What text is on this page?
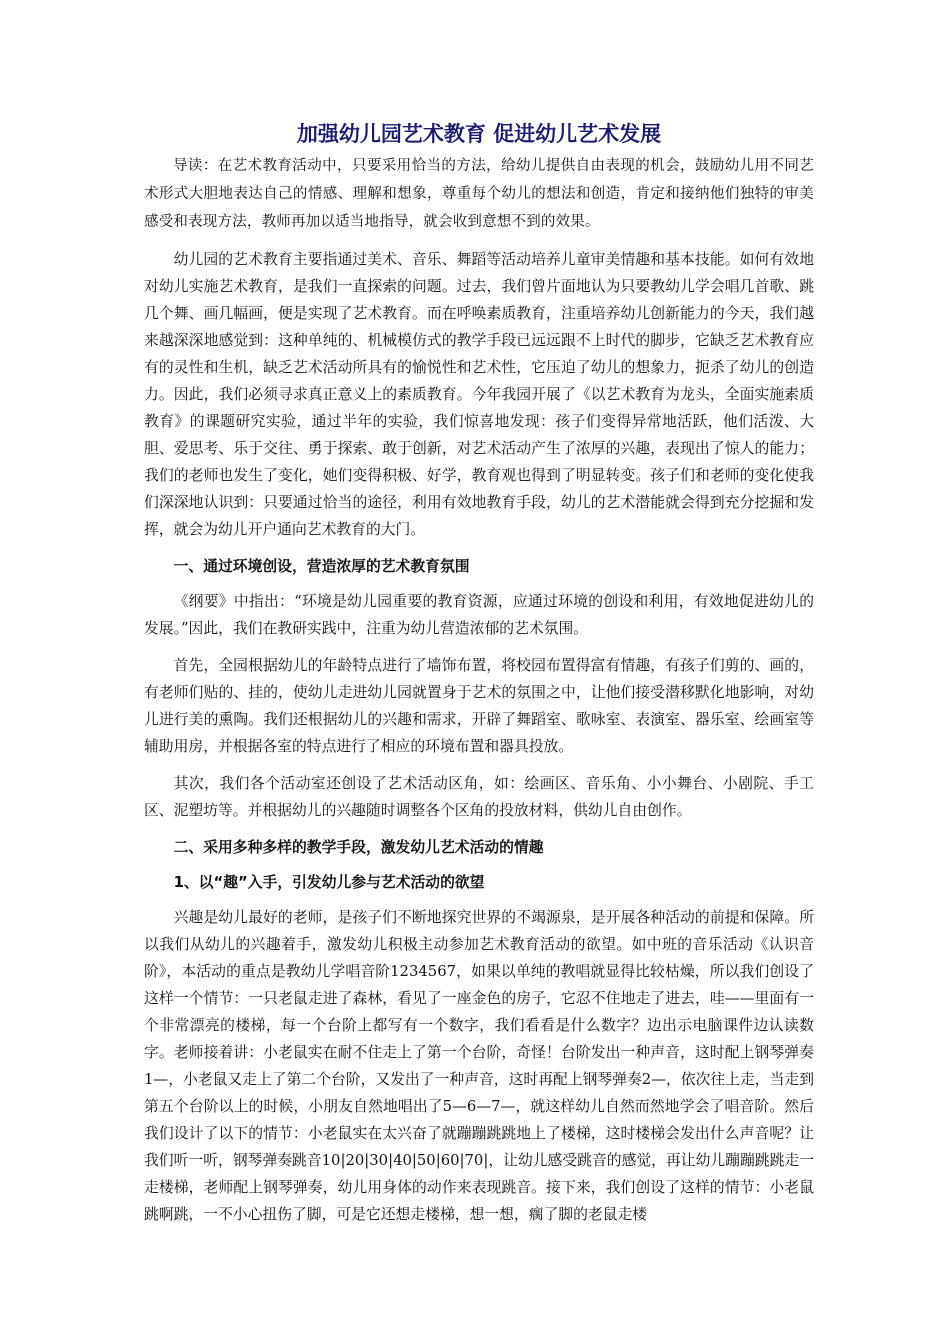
加强幼儿园艺术教育 促进幼儿艺术发展

导读：在艺术教育活动中，只要采用恰当的方法，给幼儿提供自由表现的机会，鼓励幼儿用不同艺术形式大胆地表达自己的情感、理解和想象，尊重每个幼儿的想法和创造，肯定和接纳他们独特的审美感受和表现方法，教师再加以适当地指导，就会收到意想不到的效果。

幼儿园的艺术教育主要指通过美术、音乐、舞蹈等活动培养儿童审美情趣和基本技能。如何有效地对幼儿实施艺术教育，是我们一直探索的问题。过去，我们曾片面地认为只要教幼儿学会唱几首歌、跳几个舞、画几幅画，便是实现了艺术教育。而在呼唤素质教育，注重培养幼儿创新能力的今天，我们越来越深深地感觉到：这种单纯的、机械模仿式的教学手段已远远跟不上时代的脚步，它缺乏艺术教育应有的灵性和生机，缺乏艺术活动所具有的愉悦性和艺术性，它压迫了幼儿的想象力，扼杀了幼儿的创造力。因此，我们必须寻求真正意义上的素质教育。今年我园开展了《以艺术教育为龙头，全面实施素质教育》的课题研究实验，通过半年的实验，我们惊喜地发现：孩子们变得异常地活跃，他们活泼、大胆、爱思考、乐于交往、勇于探索、敢于创新，对艺术活动产生了浓厚的兴趣，表现出了惊人的能力；我们的老师也发生了变化，她们变得积极、好学，教育观也得到了明显转变。孩子们和老师的变化使我们深深地认识到：只要通过恰当的途径，利用有效地教育手段，幼儿的艺术潜能就会得到充分挖掘和发挥，就会为幼儿开户通向艺术教育的大门。

一、通过环境创设，营造浓厚的艺术教育氛围

《纲要》中指出：“环境是幼儿园重要的教育资源，应通过环境的创设和利用，有效地促进幼儿的发展。”因此，我们在教研实践中，注重为幼儿营造浓郁的艺术氛围。

首先，全园根据幼儿的年龄特点进行了墙饰布置，将校园布置得富有情趣，有孩子们剪的、画的，有老师们贴的、挂的，使幼儿走进幼儿园就置身于艺术的氛围之中，让他们接受潜移默化地影响，对幼儿进行美的熏陶。我们还根据幼儿的兴趣和需求，开辟了舞蹈室、歌咏室、表演室、器乐室、绘画室等辅助用房，并根据各室的特点进行了相应的环境布置和器具投放。

其次，我们各个活动室还创设了艺术活动区角，如：绘画区、音乐角、小小舞台、小剧院、手工区、泥塑坊等。并根据幼儿的兴趣随时调整各个区角的投放材料，供幼儿自由创作。

二、采用多种多样的教学手段，激发幼儿艺术活动的情趣

1、以“趣”入手，引发幼儿参与艺术活动的欲望

兴趣是幼儿最好的老师，是孩子们不断地探究世界的不竭源泉，是开展各种活动的前提和保障。所以我们从幼儿的兴趣着手，激发幼儿积极主动参加艺术教育活动的欲望。如中班的音乐活动《认识音阶》，本活动的重点是教幼儿学唱音阶1234567，如果以单纯的教唱就显得比较枯燥，所以我们创设了这样一个情节：一只老鼠走进了森林，看见了一座金色的房子，它忍不住地走了进去，哇——里面有一个非常漂亮的楼梯，每一个台阶上都写有一个数字，我们看看是什么数字？边出示电脑课件边认读数字。老师接着讲：小老鼠实在耐不住走上了第一个台阶，奇怪！台阶发出一种声音，这时配上钢琴弹奏1—，小老鼠又走上了第二个台阶，又发出了一种声音，这时再配上钢琴弹奏2—，依次往上走，当走到第五个台阶以上的时候，小朋友自然地唱出了5—6—7—，就这样幼儿自然而然地学会了唱音阶。然后我们设计了以下的情节：小老鼠实在太兴奋了就蹦蹦跳跳地上了楼梯，这时楼梯会发出什么声音呢？让我们听一听，钢琴弹奏跳音10|20|30|40|50|60|70|，让幼儿感受跳音的感觉，再让幼儿蹦蹦跳跳走一走楼梯，老师配上钢琴弹奏，幼儿用身体的动作来表现跳音。接下来，我们创设了这样的情节：小老鼠跳啊跳，一不小心扭伤了脚，可是它还想走楼梯，想一想，瘸了脚的老鼠走楼
